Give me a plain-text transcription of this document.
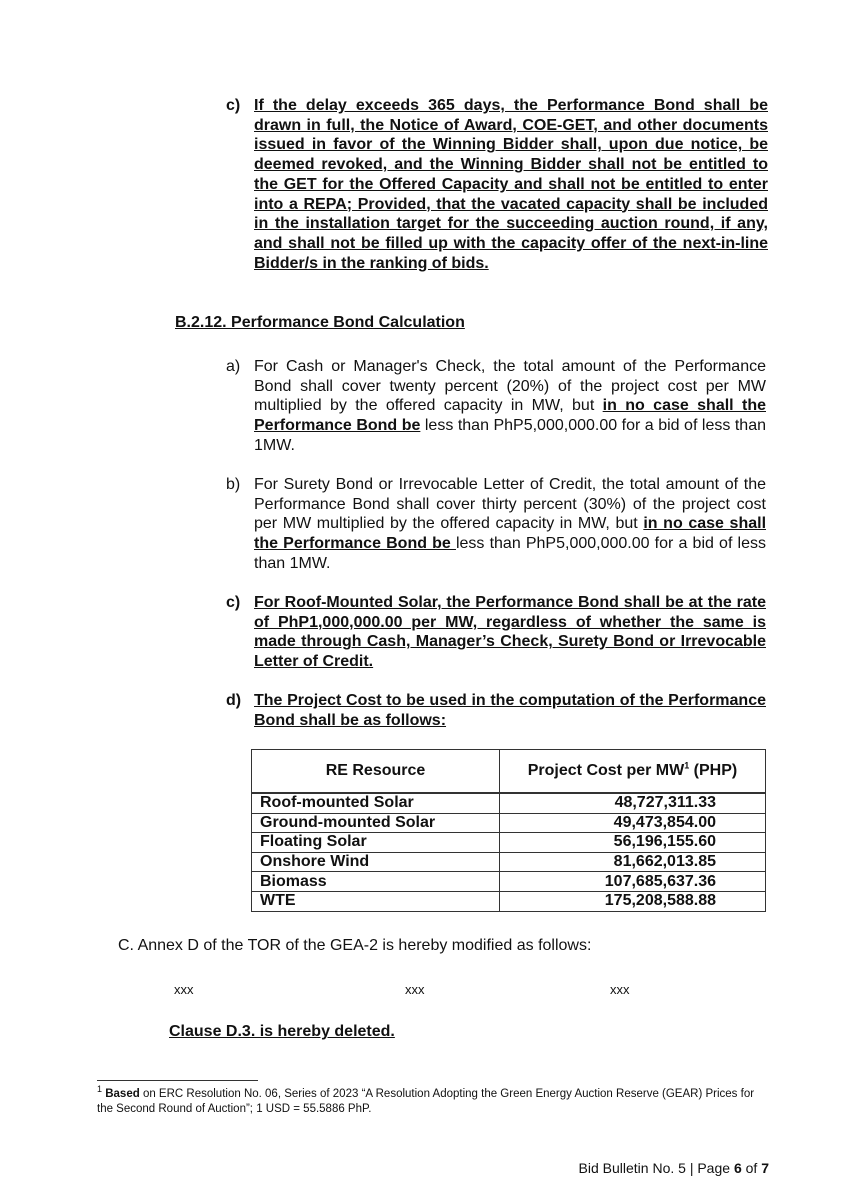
c) If the delay exceeds 365 days, the Performance Bond shall be drawn in full, the Notice of Award, COE-GET, and other documents issued in favor of the Winning Bidder shall, upon due notice, be deemed revoked, and the Winning Bidder shall not be entitled to the GET for the Offered Capacity and shall not be entitled to enter into a REPA; Provided, that the vacated capacity shall be included in the installation target for the succeeding auction round, if any, and shall not be filled up with the capacity offer of the next-in-line Bidder/s in the ranking of bids.
B.2.12. Performance Bond Calculation
a) For Cash or Manager's Check, the total amount of the Performance Bond shall cover twenty percent (20%) of the project cost per MW multiplied by the offered capacity in MW, but in no case shall the Performance Bond be less than PhP5,000,000.00 for a bid of less than 1MW.
b) For Surety Bond or Irrevocable Letter of Credit, the total amount of the Performance Bond shall cover thirty percent (30%) of the project cost per MW multiplied by the offered capacity in MW, but in no case shall the Performance Bond be less than PhP5,000,000.00 for a bid of less than 1MW.
c) For Roof-Mounted Solar, the Performance Bond shall be at the rate of PhP1,000,000.00 per MW, regardless of whether the same is made through Cash, Manager’s Check, Surety Bond or Irrevocable Letter of Credit.
d) The Project Cost to be used in the computation of the Performance Bond shall be as follows:
RE Resource	Project Cost per $MW^1$ (PHP)
Roof-mounted Solar	48,727,311.33
Ground-mounted Solar	49,473,854.00
Floating Solar	56,196,155.60
Onshore Wind	81,662,013.85
Biomass	107,685,637.36
WTE	175,208,588.88
C. Annex D of the TOR of the GEA-2 is hereby modified as follows:
xxx	xxx	xxx
Clause D.3. is hereby deleted.
$^1$ Based on ERC Resolution No. 06, Series of 2023 “A Resolution Adopting the Green Energy Auction Reserve (GEAR) Prices for the Second Round of Auction”; 1 USD = 55.5886 PhP.
Bid Bulletin No. 5 | Page 6 of 7
